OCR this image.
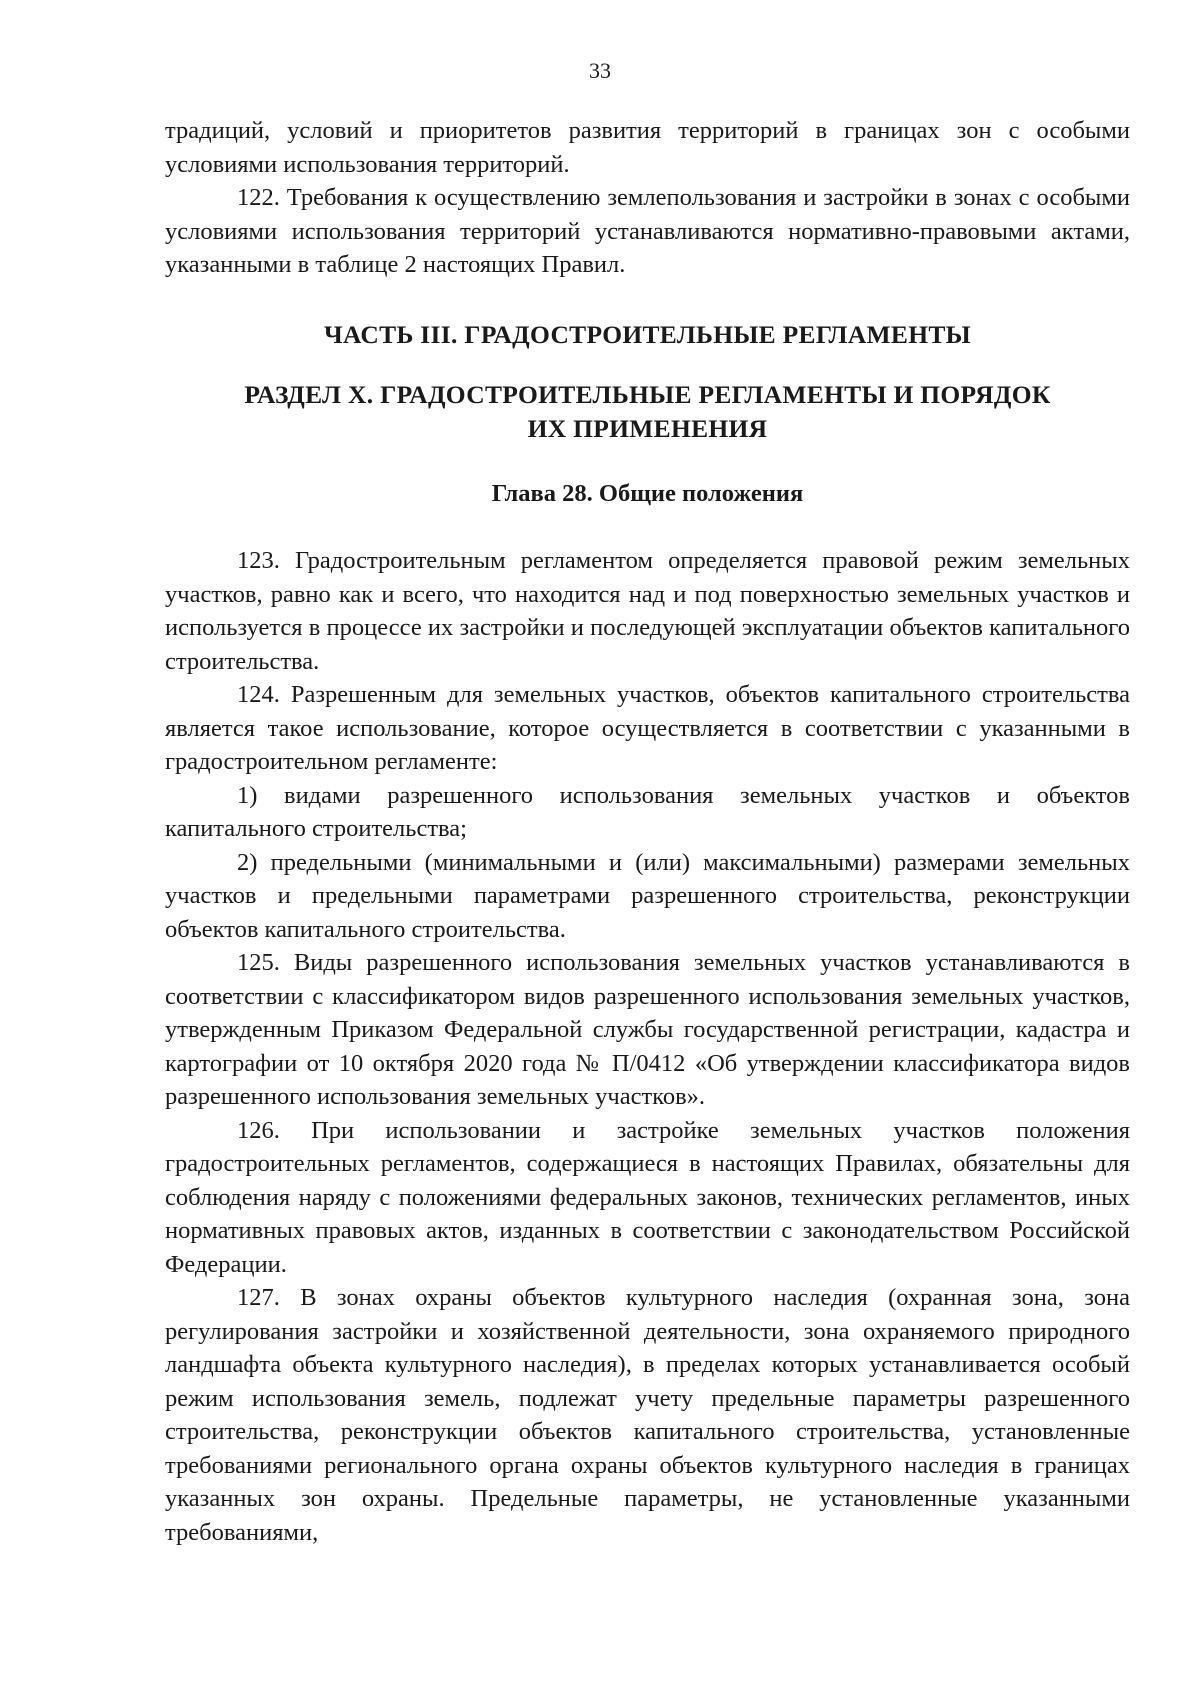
33

традиций, условий и приоритетов развития территорий в границах зон с особыми условиями использования территорий.

122. Требования к осуществлению землепользования и застройки в зонах с особыми условиями использования территорий устанавливаются нормативно-правовыми актами, указанными в таблице 2 настоящих Правил.

ЧАСТЬ III. ГРАДОСТРОИТЕЛЬНЫЕ РЕГЛАМЕНТЫ
РАЗДЕЛ Х. ГРАДОСТРОИТЕЛЬНЫЕ РЕГЛАМЕНТЫ И ПОРЯДОК
ИХ ПРИМЕНЕНИЯ
Глава 28. Общие положения

123. Градостроительным регламентом определяется правовой режим земельных участков, равно как и всего, что находится над и под поверхностью земельных участков и используется в процессе их застройки и последующей эксплуатации объектов капитального строительства.

124. Разрешенным для земельных участков, объектов капитального строительства является такое использование, которое осуществляется в соответствии с указанными в градостроительном регламенте:

1) видами разрешенного использования земельных участков и объектов капитального строительства;

2) предельными (минимальными и (или) максимальными) размерами земельных участков и предельными параметрами разрешенного строительства, реконструкции объектов капитального строительства.

125. Виды разрешенного использования земельных участков устанавливаются в соответствии с классификатором видов разрешенного использования земельных участков, утвержденным Приказом Федеральной службы государственной регистрации, кадастра и картографии от 10 октября 2020 года № П/0412 «Об утверждении классификатора видов разрешенного использования земельных участков».

126. При использовании и застройке земельных участков положения градостроительных регламентов, содержащиеся в настоящих Правилах, обязательны для соблюдения наряду с положениями федеральных законов, технических регламентов, иных нормативных правовых актов, изданных в соответствии с законодательством Российской Федерации.

127. В зонах охраны объектов культурного наследия (охранная зона, зона регулирования застройки и хозяйственной деятельности, зона охраняемого природного ландшафта объекта культурного наследия), в пределах которых устанавливается особый режим использования земель, подлежат учету предельные параметры разрешенного строительства, реконструкции объектов капитального строительства, установленные требованиями регионального органа охраны объектов культурного наследия в границах указанных зон охраны. Предельные параметры, не установленные указанными требованиями,
